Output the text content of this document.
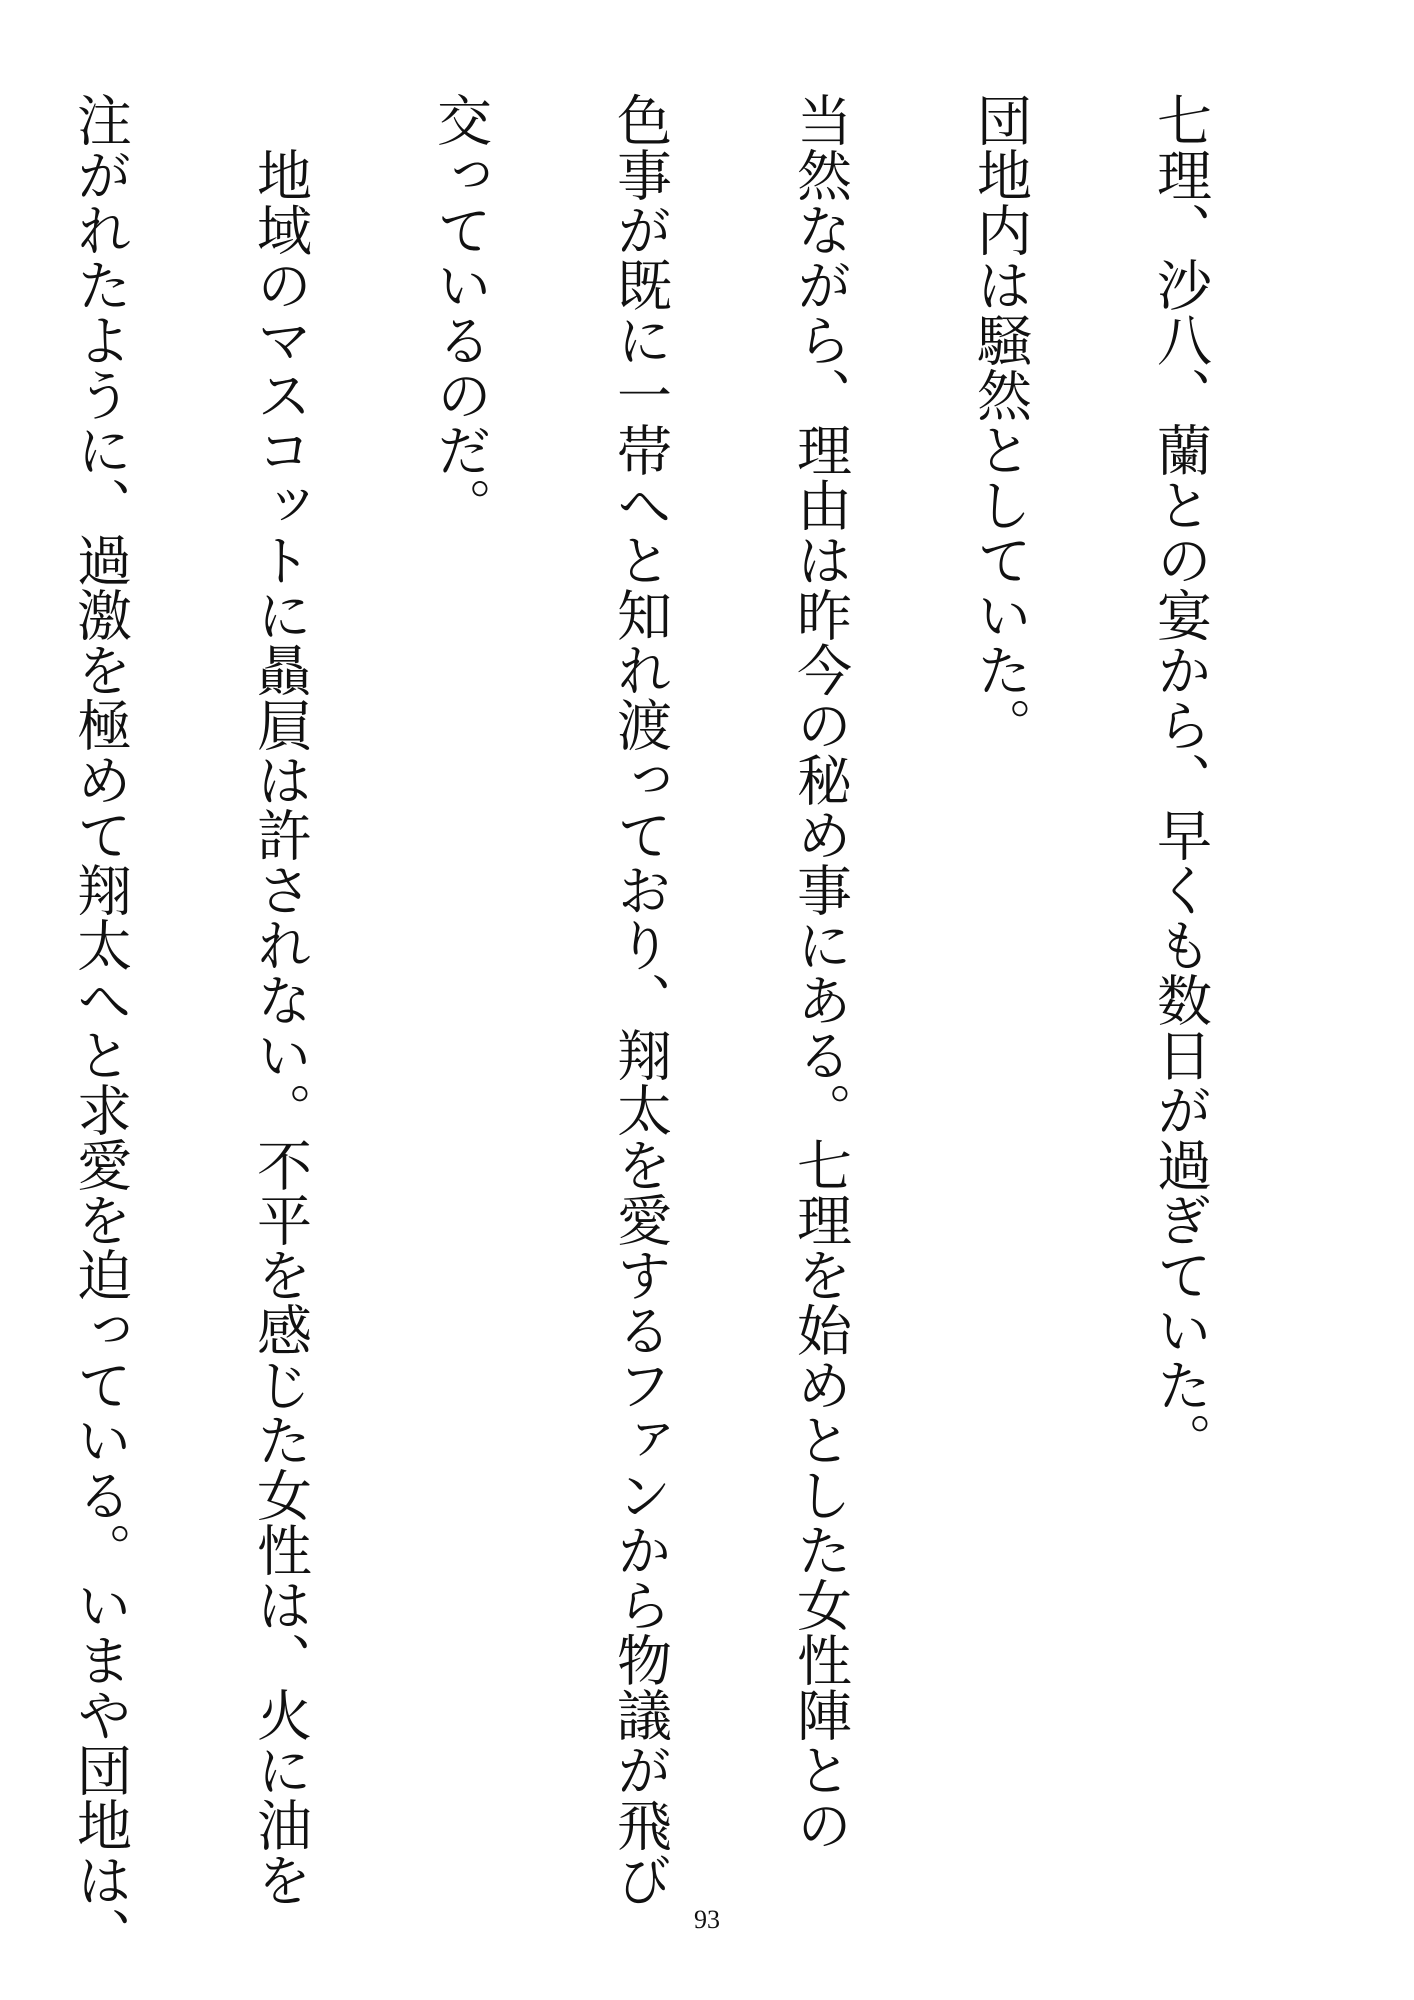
七理、沙八、蘭との宴から、早くも数日が過ぎていた。

団地内は騒然としていた。

当然ながら、理由は昨今の秘め事にある。七理を始めとした女性陣との

色事が既に一帯へと知れ渡っており、翔太を愛するファンから物議が飛び

交っているのだ。

　地域のマスコットに贔屓は許されない。不平を感じた女性は、火に油を

注がれたように、過激を極めて翔太へと求愛を迫っている。いまや団地は、

	93
